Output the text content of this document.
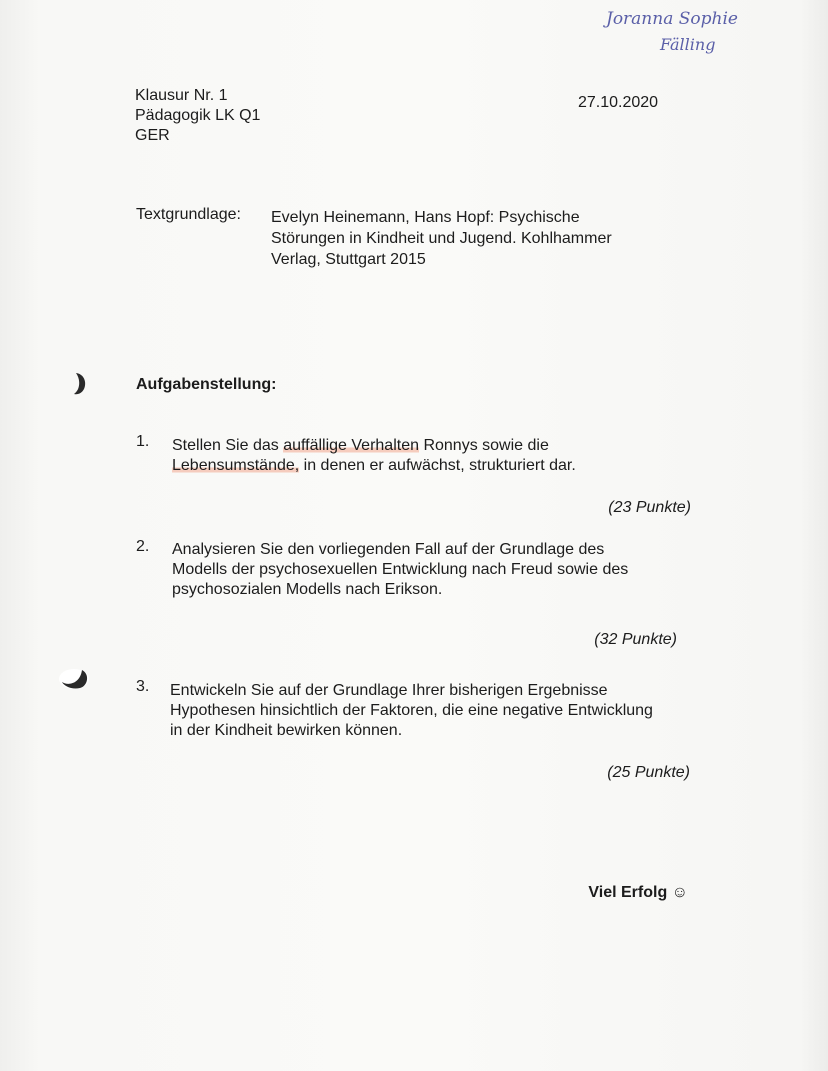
Joranna Sophie
Fälling
Klausur Nr. 1
Pädagogik LK Q1
GER
27.10.2020
Textgrundlage: Evelyn Heinemann, Hans Hopf: Psychische
Störungen in Kindheit und Jugend. Kohlhammer
Verlag, Stuttgart 2015
Aufgabenstellung:
1. Stellen Sie das auffällige Verhalten Ronnys sowie die
Lebensumstände, in denen er aufwächst, strukturiert dar.
(23 Punkte)
2. Analysieren Sie den vorliegenden Fall auf der Grundlage des
Modells der psychosexuellen Entwicklung nach Freud sowie des
psychosozialen Modells nach Erikson.
(32 Punkte)
3. Entwickeln Sie auf der Grundlage Ihrer bisherigen Ergebnisse
Hypothesen hinsichtlich der Faktoren, die eine negative Entwicklung
in der Kindheit bewirken können.
(25 Punkte)
Viel Erfolg ☺
